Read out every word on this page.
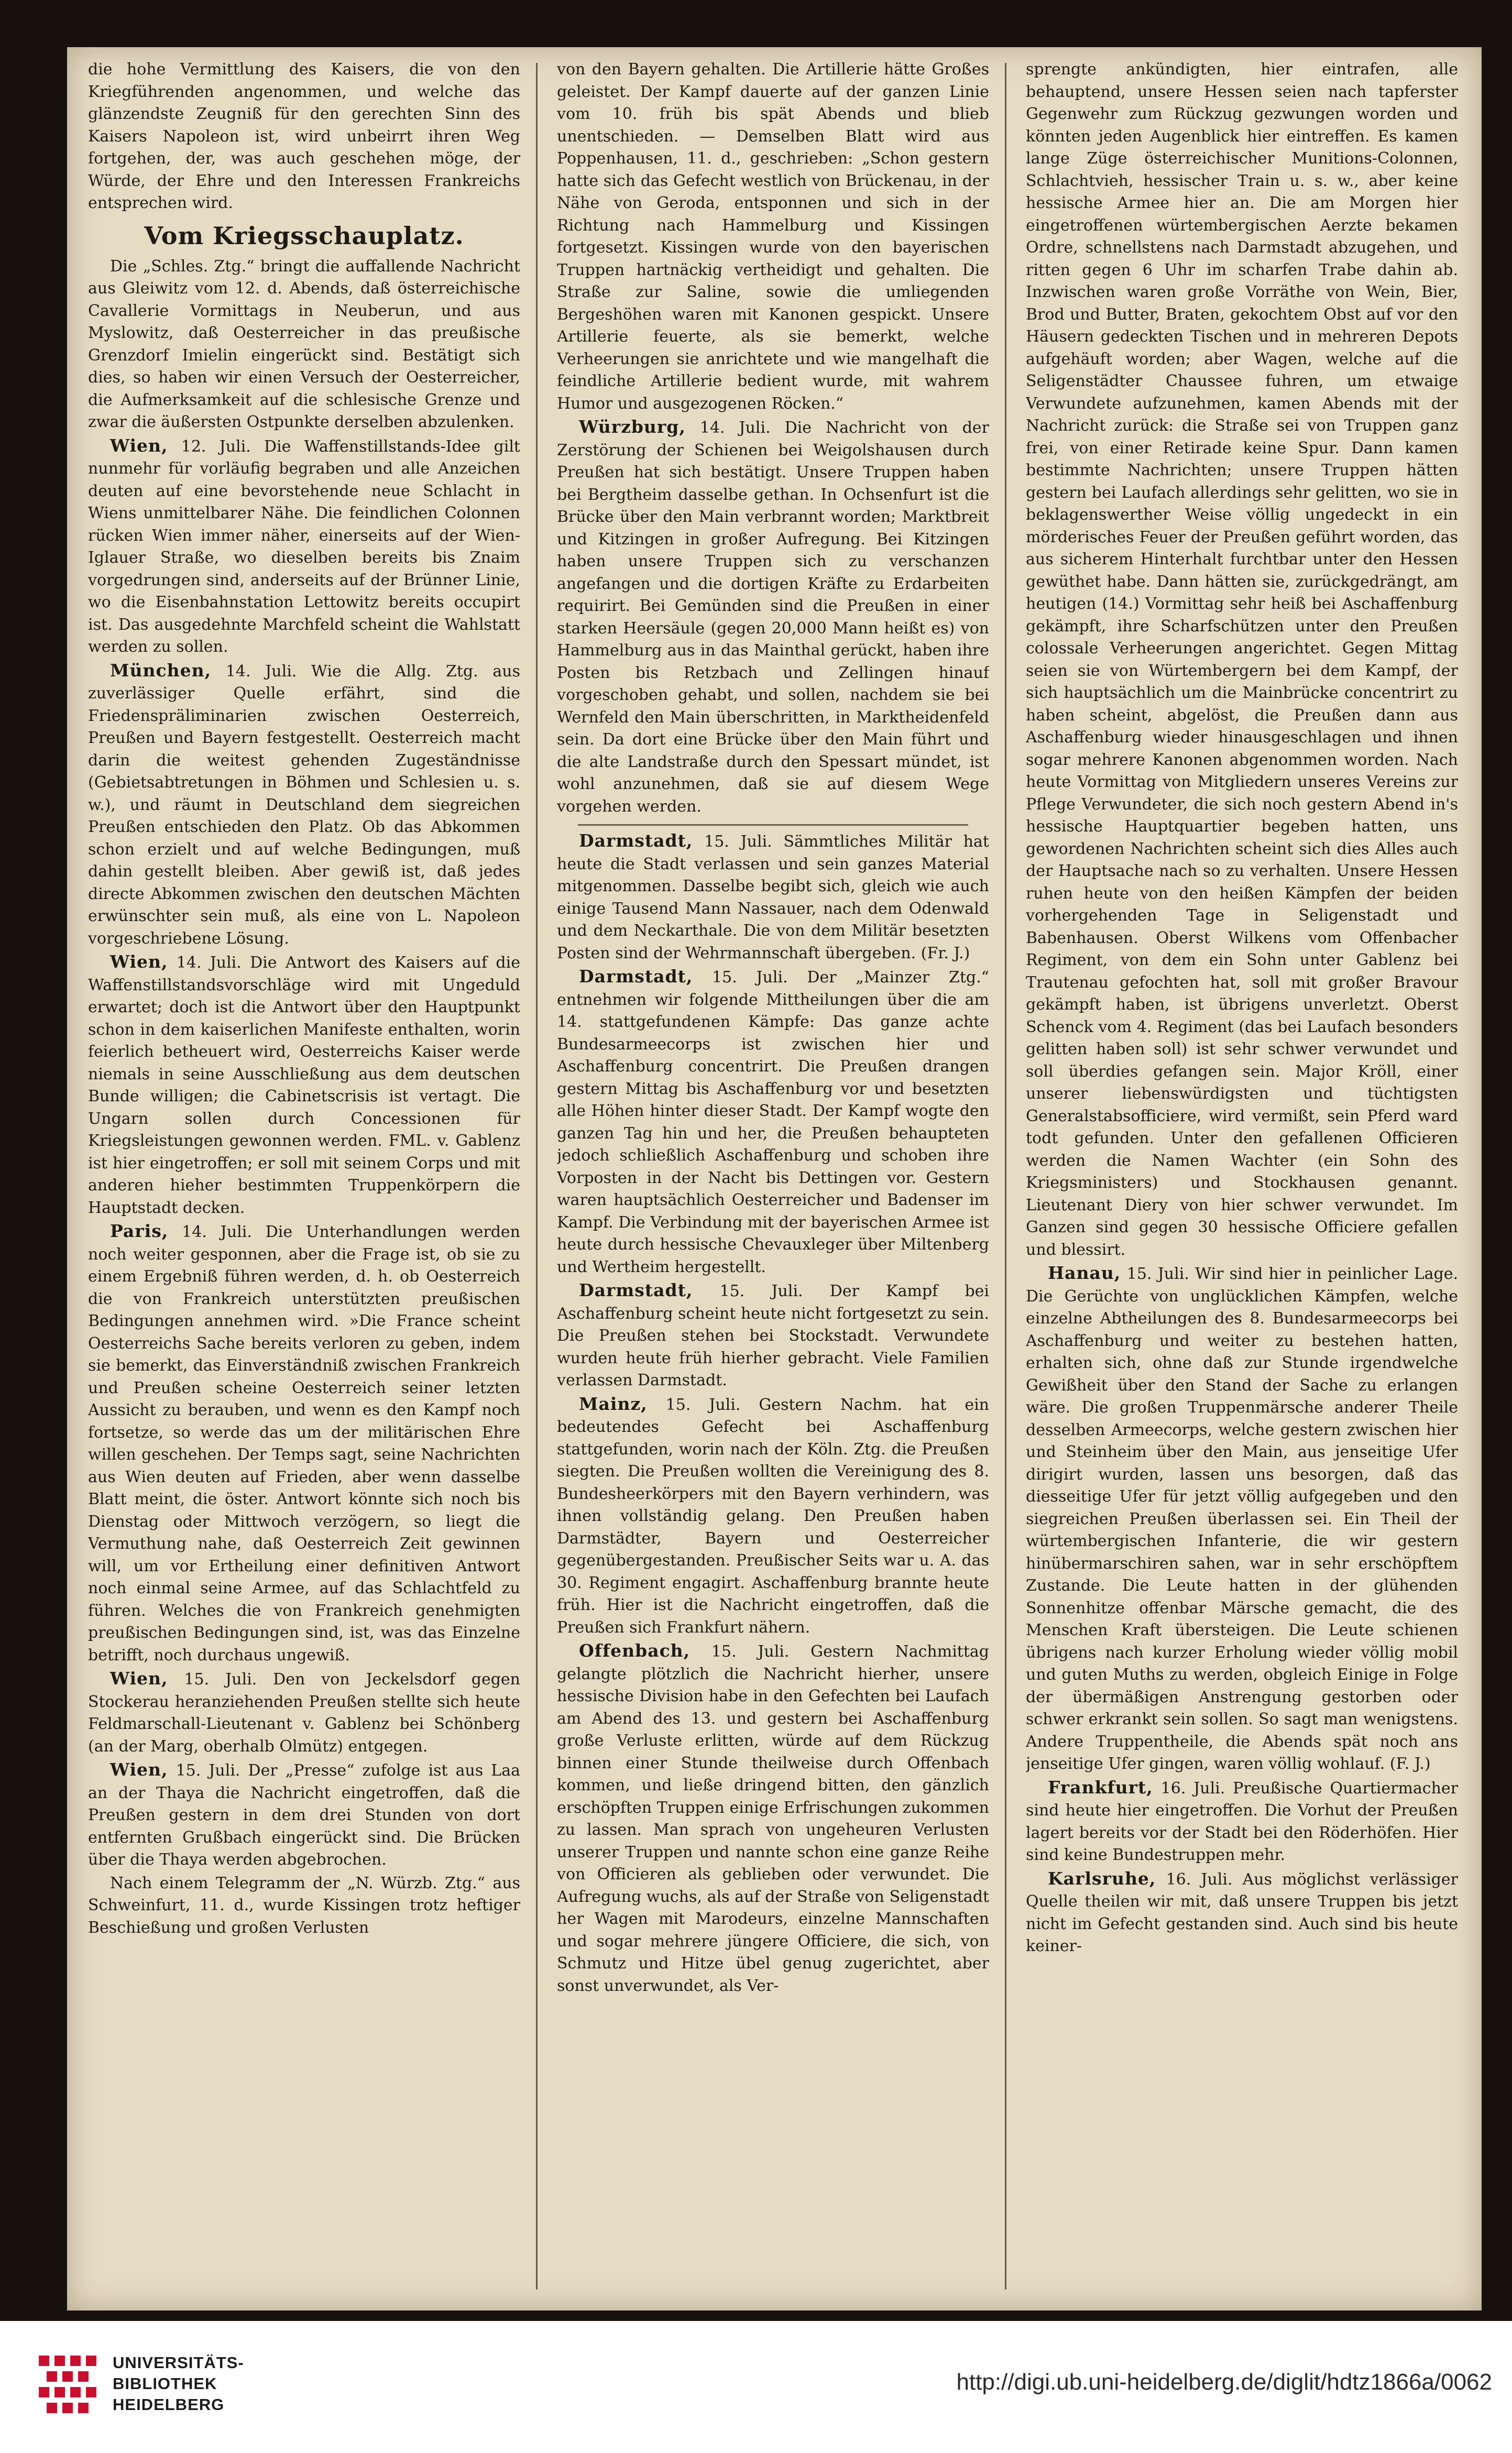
die hohe Vermittlung des Kaisers, die von den Kriegführenden angenommen, und welche das glänzendste Zeugniß für den gerechten Sinn des Kaisers Napoleon ist, wird unbeirrt ihren Weg fortgehen, der, was auch geschehen möge, der Würde, der Ehre und den Interessen Frankreichs entsprechen wird.

Vom Kriegsschauplatz.

Die „Schles. Ztg.“ bringt die auffallende Nachricht aus Gleiwitz vom 12. d. Abends, daß österreichische Cavallerie Vormittags in Neuberun, und aus Myslowitz, daß Oesterreicher in das preußische Grenzdorf Imielin eingerückt sind. Bestätigt sich dies, so haben wir einen Versuch der Oesterreicher, die Aufmerksamkeit auf die schlesische Grenze und zwar die äußersten Ostpunkte derselben abzulenken.

Wien, 12. Juli. Die Waffenstillstands-Idee gilt nunmehr für vorläufig begraben und alle Anzeichen deuten auf eine bevorstehende neue Schlacht in Wiens unmittelbarer Nähe. Die feindlichen Colonnen rücken Wien immer näher, einerseits auf der Wien-Iglauer Straße, wo dieselben bereits bis Znaim vorgedrungen sind, anderseits auf der Brünner Linie, wo die Eisenbahnstation Lettowitz bereits occupirt ist. Das ausgedehnte Marchfeld scheint die Wahlstatt werden zu sollen.

München, 14. Juli. Wie die Allg. Ztg. aus zuverlässiger Quelle erfährt, sind die Friedenspräliminarien zwischen Oesterreich, Preußen und Bayern festgestellt. Oesterreich macht darin die weitest gehenden Zugeständnisse (Gebietsabtretungen in Böhmen und Schlesien u. s. w.), und räumt in Deutschland dem siegreichen Preußen entschieden den Platz. Ob das Abkommen schon erzielt und auf welche Bedingungen, muß dahin gestellt bleiben. Aber gewiß ist, daß jedes directe Abkommen zwischen den deutschen Mächten erwünschter sein muß, als eine von L. Napoleon vorgeschriebene Lösung.

Wien, 14. Juli. Die Antwort des Kaisers auf die Waffenstillstandsvorschläge wird mit Ungeduld erwartet; doch ist die Antwort über den Hauptpunkt schon in dem kaiserlichen Manifeste enthalten, worin feierlich betheuert wird, Oesterreichs Kaiser werde niemals in seine Ausschließung aus dem deutschen Bunde willigen; die Cabinetscrisis ist vertagt. Die Ungarn sollen durch Concessionen für Kriegsleistungen gewonnen werden. FML. v. Gablenz ist hier eingetroffen; er soll mit seinem Corps und mit anderen hieher bestimmten Truppenkörpern die Hauptstadt decken.

Paris, 14. Juli. Die Unterhandlungen werden noch weiter gesponnen, aber die Frage ist, ob sie zu einem Ergebniß führen werden, d. h. ob Oesterreich die von Frankreich unterstützten preußischen Bedingungen annehmen wird. »Die France scheint Oesterreichs Sache bereits verloren zu geben, indem sie bemerkt, das Einverständniß zwischen Frankreich und Preußen scheine Oesterreich seiner letzten Aussicht zu berauben, und wenn es den Kampf noch fortsetze, so werde das um der militärischen Ehre willen geschehen. Der Temps sagt, seine Nachrichten aus Wien deuten auf Frieden, aber wenn dasselbe Blatt meint, die öster. Antwort könnte sich noch bis Dienstag oder Mittwoch verzögern, so liegt die Vermuthung nahe, daß Oesterreich Zeit gewinnen will, um vor Ertheilung einer definitiven Antwort noch einmal seine Armee, auf das Schlachtfeld zu führen. Welches die von Frankreich genehmigten preußischen Bedingungen sind, ist, was das Einzelne betrifft, noch durchaus ungewiß.

Wien, 15. Juli. Den von Jeckelsdorf gegen Stockerau heranziehenden Preußen stellte sich heute Feldmarschall-Lieutenant v. Gablenz bei Schönberg (an der Marg, oberhalb Olmütz) entgegen.

Wien, 15. Juli. Der „Presse“ zufolge ist aus Laa an der Thaya die Nachricht eingetroffen, daß die Preußen gestern in dem drei Stunden von dort entfernten Grußbach eingerückt sind. Die Brücken über die Thaya werden abgebrochen.

Nach einem Telegramm der „N. Würzb. Ztg.“ aus Schweinfurt, 11. d., wurde Kissingen trotz heftiger Beschießung und großen Verlusten

von den Bayern gehalten. Die Artillerie hätte Großes geleistet. Der Kampf dauerte auf der ganzen Linie vom 10. früh bis spät Abends und blieb unentschieden. — Demselben Blatt wird aus Poppenhausen, 11. d., geschrieben: „Schon gestern hatte sich das Gefecht westlich von Brückenau, in der Nähe von Geroda, entsponnen und sich in der Richtung nach Hammelburg und Kissingen fortgesetzt. Kissingen wurde von den bayerischen Truppen hartnäckig vertheidigt und gehalten. Die Straße zur Saline, sowie die umliegenden Bergeshöhen waren mit Kanonen gespickt. Unsere Artillerie feuerte, als sie bemerkt, welche Verheerungen sie anrichtete und wie mangelhaft die feindliche Artillerie bedient wurde, mit wahrem Humor und ausgezogenen Röcken.“

Würzburg, 14. Juli. Die Nachricht von der Zerstörung der Schienen bei Weigolshausen durch Preußen hat sich bestätigt. Unsere Truppen haben bei Bergtheim dasselbe gethan. In Ochsenfurt ist die Brücke über den Main verbrannt worden; Marktbreit und Kitzingen in großer Aufregung. Bei Kitzingen haben unsere Truppen sich zu verschanzen angefangen und die dortigen Kräfte zu Erdarbeiten requirirt. Bei Gemünden sind die Preußen in einer starken Heersäule (gegen 20,000 Mann heißt es) von Hammelburg aus in das Mainthal gerückt, haben ihre Posten bis Retzbach und Zellingen hinauf vorgeschoben gehabt, und sollen, nachdem sie bei Wernfeld den Main überschritten, in Marktheidenfeld sein. Da dort eine Brücke über den Main führt und die alte Landstraße durch den Spessart mündet, ist wohl anzunehmen, daß sie auf diesem Wege vorgehen werden.

Darmstadt, 15. Juli. Sämmtliches Militär hat heute die Stadt verlassen und sein ganzes Material mitgenommen. Dasselbe begibt sich, gleich wie auch einige Tausend Mann Nassauer, nach dem Odenwald und dem Neckarthale. Die von dem Militär besetzten Posten sind der Wehrmannschaft übergeben. (Fr. J.)

Darmstadt, 15. Juli. Der „Mainzer Ztg.“ entnehmen wir folgende Mittheilungen über die am 14. stattgefundenen Kämpfe: Das ganze achte Bundesarmeecorps ist zwischen hier und Aschaffenburg concentrirt. Die Preußen drangen gestern Mittag bis Aschaffenburg vor und besetzten alle Höhen hinter dieser Stadt. Der Kampf wogte den ganzen Tag hin und her, die Preußen behaupteten jedoch schließlich Aschaffenburg und schoben ihre Vorposten in der Nacht bis Dettingen vor. Gestern waren hauptsächlich Oesterreicher und Badenser im Kampf. Die Verbindung mit der bayerischen Armee ist heute durch hessische Chevauxleger über Miltenberg und Wertheim hergestellt.

Darmstadt, 15. Juli. Der Kampf bei Aschaffenburg scheint heute nicht fortgesetzt zu sein. Die Preußen stehen bei Stockstadt. Verwundete wurden heute früh hierher gebracht. Viele Familien verlassen Darmstadt.

Mainz, 15. Juli. Gestern Nachm. hat ein bedeutendes Gefecht bei Aschaffenburg stattgefunden, worin nach der Köln. Ztg. die Preußen siegten. Die Preußen wollten die Vereinigung des 8. Bundesheerkörpers mit den Bayern verhindern, was ihnen vollständig gelang. Den Preußen haben Darmstädter, Bayern und Oesterreicher gegenübergestanden. Preußischer Seits war u. A. das 30. Regiment engagirt. Aschaffenburg brannte heute früh. Hier ist die Nachricht eingetroffen, daß die Preußen sich Frankfurt nähern.

Offenbach, 15. Juli. Gestern Nachmittag gelangte plötzlich die Nachricht hierher, unsere hessische Division habe in den Gefechten bei Laufach am Abend des 13. und gestern bei Aschaffenburg große Verluste erlitten, würde auf dem Rückzug binnen einer Stunde theilweise durch Offenbach kommen, und ließe dringend bitten, den gänzlich erschöpften Truppen einige Erfrischungen zukommen zu lassen. Man sprach von ungeheuren Verlusten unserer Truppen und nannte schon eine ganze Reihe von Officieren als geblieben oder verwundet. Die Aufregung wuchs, als auf der Straße von Seligenstadt her Wagen mit Marodeurs, einzelne Mannschaften und sogar mehrere jüngere Officiere, die sich, von Schmutz und Hitze übel genug zugerichtet, aber sonst unverwundet, als Ver-

sprengte ankündigten, hier eintrafen, alle behauptend, unsere Hessen seien nach tapferster Gegenwehr zum Rückzug gezwungen worden und könnten jeden Augenblick hier eintreffen. Es kamen lange Züge österreichischer Munitions-Colonnen, Schlachtvieh, hessischer Train u. s. w., aber keine hessische Armee hier an. Die am Morgen hier eingetroffenen würtembergischen Aerzte bekamen Ordre, schnellstens nach Darmstadt abzugehen, und ritten gegen 6 Uhr im scharfen Trabe dahin ab. Inzwischen waren große Vorräthe von Wein, Bier, Brod und Butter, Braten, gekochtem Obst auf vor den Häusern gedeckten Tischen und in mehreren Depots aufgehäuft worden; aber Wagen, welche auf die Seligenstädter Chaussee fuhren, um etwaige Verwundete aufzunehmen, kamen Abends mit der Nachricht zurück: die Straße sei von Truppen ganz frei, von einer Retirade keine Spur. Dann kamen bestimmte Nachrichten; unsere Truppen hätten gestern bei Laufach allerdings sehr gelitten, wo sie in beklagenswerther Weise völlig ungedeckt in ein mörderisches Feuer der Preußen geführt worden, das aus sicherem Hinterhalt furchtbar unter den Hessen gewüthet habe. Dann hätten sie, zurückgedrängt, am heutigen (14.) Vormittag sehr heiß bei Aschaffenburg gekämpft, ihre Scharfschützen unter den Preußen colossale Verheerungen angerichtet. Gegen Mittag seien sie von Würtembergern bei dem Kampf, der sich hauptsächlich um die Mainbrücke concentrirt zu haben scheint, abgelöst, die Preußen dann aus Aschaffenburg wieder hinausgeschlagen und ihnen sogar mehrere Kanonen abgenommen worden. Nach heute Vormittag von Mitgliedern unseres Vereins zur Pflege Verwundeter, die sich noch gestern Abend in's hessische Hauptquartier begeben hatten, uns gewordenen Nachrichten scheint sich dies Alles auch der Hauptsache nach so zu verhalten. Unsere Hessen ruhen heute von den heißen Kämpfen der beiden vorhergehenden Tage in Seligenstadt und Babenhausen. Oberst Wilkens vom Offenbacher Regiment, von dem ein Sohn unter Gablenz bei Trautenau gefochten hat, soll mit großer Bravour gekämpft haben, ist übrigens unverletzt. Oberst Schenck vom 4. Regiment (das bei Laufach besonders gelitten haben soll) ist sehr schwer verwundet und soll überdies gefangen sein. Major Kröll, einer unserer liebenswürdigsten und tüchtigsten Generalstabsofficiere, wird vermißt, sein Pferd ward todt gefunden. Unter den gefallenen Officieren werden die Namen Wachter (ein Sohn des Kriegsministers) und Stockhausen genannt. Lieutenant Diery von hier schwer verwundet. Im Ganzen sind gegen 30 hessische Officiere gefallen und blessirt.

Hanau, 15. Juli. Wir sind hier in peinlicher Lage. Die Gerüchte von unglücklichen Kämpfen, welche einzelne Abtheilungen des 8. Bundesarmeecorps bei Aschaffenburg und weiter zu bestehen hatten, erhalten sich, ohne daß zur Stunde irgendwelche Gewißheit über den Stand der Sache zu erlangen wäre. Die großen Truppenmärsche anderer Theile desselben Armeecorps, welche gestern zwischen hier und Steinheim über den Main, aus jenseitige Ufer dirigirt wurden, lassen uns besorgen, daß das diesseitige Ufer für jetzt völlig aufgegeben und den siegreichen Preußen überlassen sei. Ein Theil der würtembergischen Infanterie, die wir gestern hinübermarschiren sahen, war in sehr erschöpftem Zustande. Die Leute hatten in der glühenden Sonnenhitze offenbar Märsche gemacht, die des Menschen Kraft übersteigen. Die Leute schienen übrigens nach kurzer Erholung wieder völlig mobil und guten Muths zu werden, obgleich Einige in Folge der übermäßigen Anstrengung gestorben oder schwer erkrankt sein sollen. So sagt man wenigstens. Andere Truppentheile, die Abends spät noch ans jenseitige Ufer gingen, waren völlig wohlauf. (F. J.)

Frankfurt, 16. Juli. Preußische Quartiermacher sind heute hier eingetroffen. Die Vorhut der Preußen lagert bereits vor der Stadt bei den Röderhöfen. Hier sind keine Bundestruppen mehr.

Karlsruhe, 16. Juli. Aus möglichst verlässiger Quelle theilen wir mit, daß unsere Truppen bis jetzt nicht im Gefecht gestanden sind. Auch sind bis heute keiner-

UNIVERSITÄTS-
BIBLIOTHEK
HEIDELBERG
http://digi.ub.uni-heidelberg.de/diglit/hdtz1866a/0062
